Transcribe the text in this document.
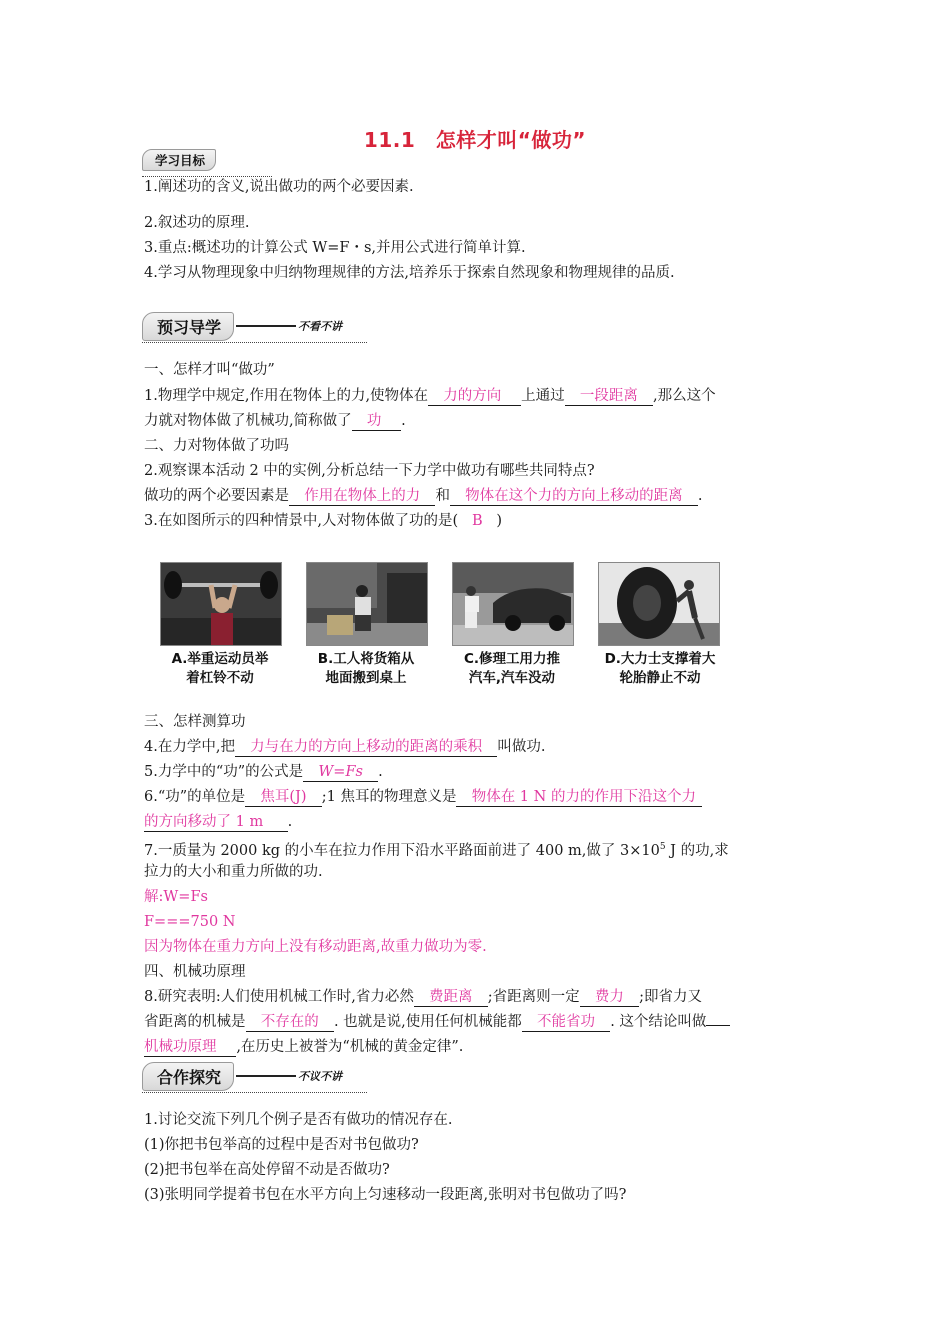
11.1　怎样才叫“做功”
学习目标
1.阐述功的含义,说出做功的两个必要因素.
2.叙述功的原理.
3.重点:概述功的计算公式 W=F・s,并用公式进行简单计算.
4.学习从物理现象中归纳物理规律的方法,培养乐于探索自然现象和物理规律的品质.
预习导学	不看不讲
一、怎样才叫“做功”
1.物理学中规定,作用在物体上的力,使物体在 力的方向 上通过 一段距离 ,那么这个
力就对物体做了机械功,简称做了 功 .
二、力对物体做了功吗
2.观察课本活动 2 中的实例,分析总结一下力学中做功有哪些共同特点?
做功的两个必要因素是 作用在物体上的力 和 物体在这个力的方向上移动的距离 .
3.在如图所示的四种情景中,人对物体做了功的是( B )
A.举重运动员举
着杠铃不动
B.工人将货箱从
地面搬到桌上
C.修理工用力推
汽车,汽车没动
D.大力士支撑着大
轮胎静止不动
三、怎样测算功
4.在力学中,把 力与在力的方向上移动的距离的乘积 叫做功.
5.力学中的“功”的公式是 W=Fs .
6.“功”的单位是 焦耳(J) ;1 焦耳的物理意义是 物体在 1 N 的力的作用下沿这个力
的方向移动了 1 m .
7.一质量为 2000 kg 的小车在拉力作用下沿水平路面前进了 400 m,做了 $3\times 10^5$ J 的功,求
拉力的大小和重力所做的功.
解:W=Fs
F===750 N
因为物体在重力方向上没有移动距离,故重力做功为零.
四、机械功原理
8.研究表明:人们使用机械工作时,省力必然 费距离 ;省距离则一定 费力 ;即省力又
省距离的机械是 不存在的 . 也就是说,使用任何机械能都 不能省功 . 这个结论叫做
机械功原理 ,在历史上被誉为“机械的黄金定律”.
合作探究	不议不讲
1.讨论交流下列几个例子是否有做功的情况存在.
(1)你把书包举高的过程中是否对书包做功?
(2)把书包举在高处停留不动是否做功?
(3)张明同学提着书包在水平方向上匀速移动一段距离,张明对书包做功了吗?
